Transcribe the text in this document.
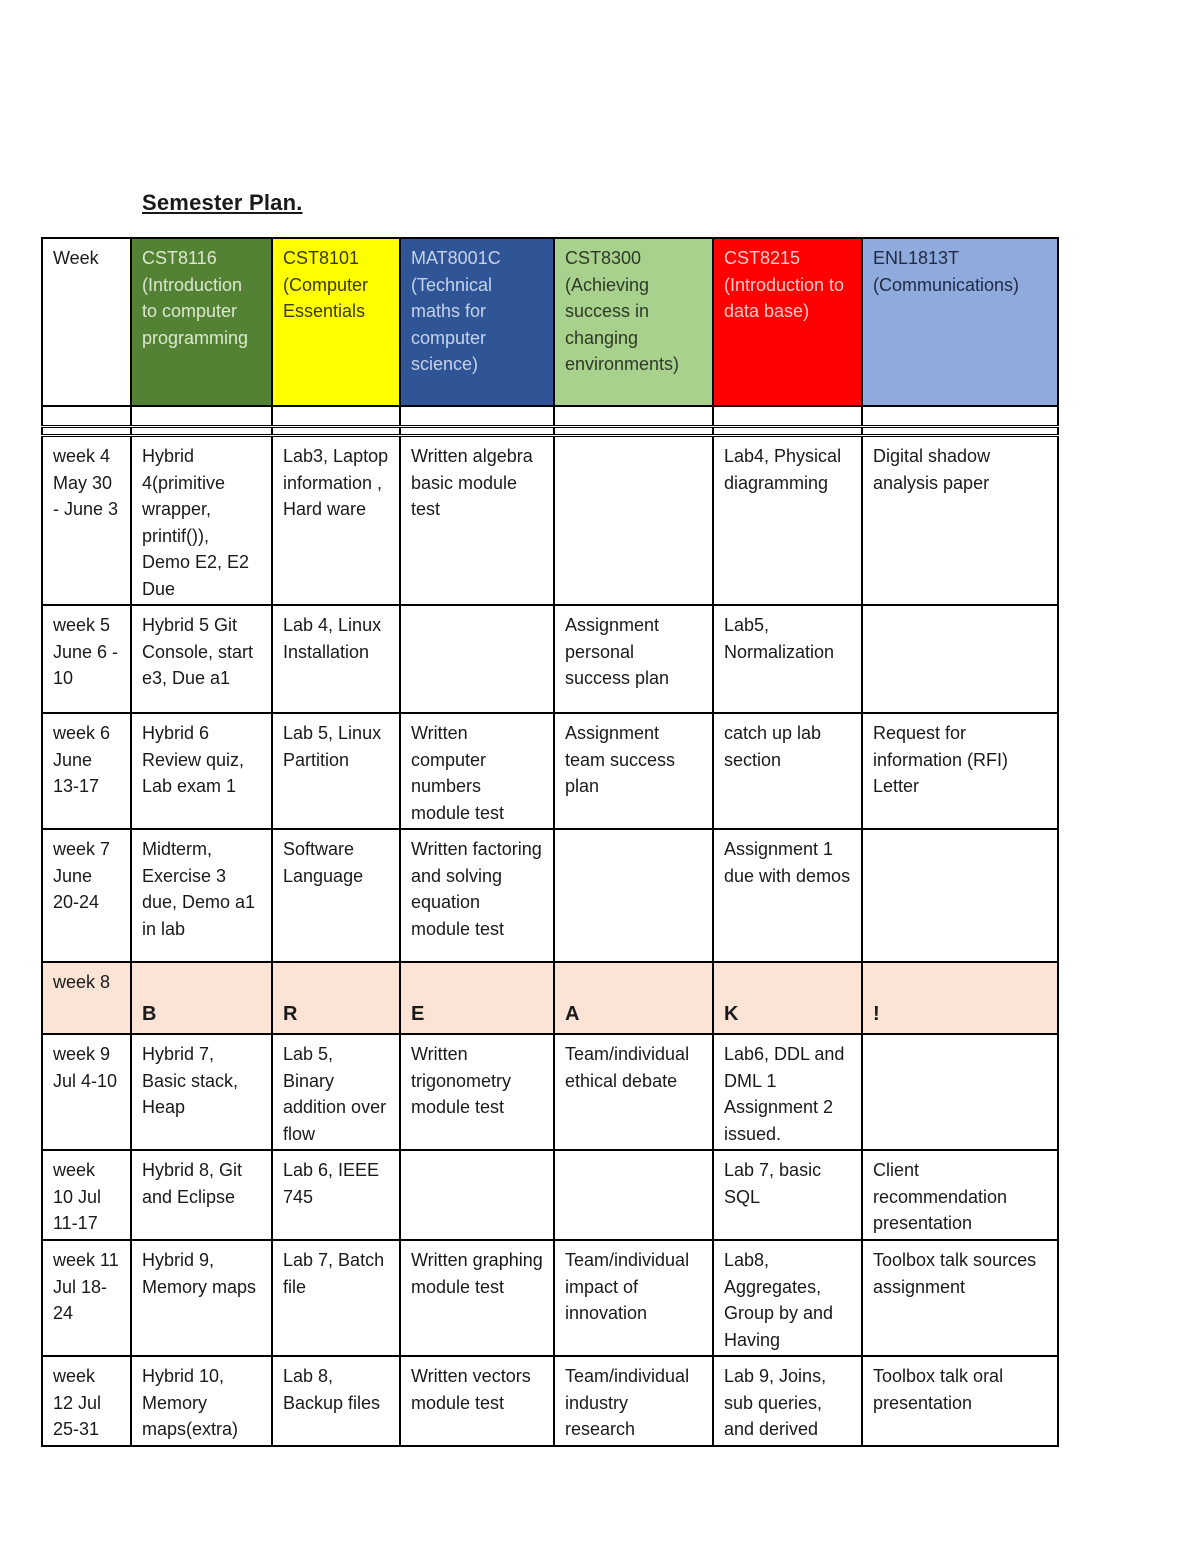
Semester Plan.
Week	CST8116 (Introduction to computer programming	CST8101 (Computer Essentials	MAT8001C (Technical maths for computer science)	CST8300 (Achieving success in changing environments)	CST8215 (Introduction to data base)	ENL1813T (Communications)

week 4 May 30 - June 3	Hybrid 4(primitive wrapper, printif()), Demo E2, E2 Due	Lab3, Laptop information , Hard ware	Written algebra basic module test		Lab4, Physical diagramming	Digital shadow analysis paper
week 5 June 6 - 10	Hybrid 5 Git Console, start e3, Due a1	Lab 4, Linux Installation		Assignment personal success plan	Lab5, Normalization	
week 6 June 13-17	Hybrid 6 Review quiz, Lab exam 1	Lab 5, Linux Partition	Written computer numbers module test	Assignment team success plan	catch up lab section	Request for information (RFI) Letter
week 7 June 20-24	Midterm, Exercise 3 due, Demo a1 in lab	Software Language	Written factoring and solving equation module test		Assignment 1 due with demos	
week 8	B	R	E	A	K	!

week 9 Jul 4-10	Hybrid 7, Basic stack, Heap	Lab 5, Binary addition over flow	Written trigonometry module test	Team/individual ethical debate	Lab6, DDL and DML 1 Assignment 2 issued.	
week 10 Jul 11-17	Hybrid 8, Git and Eclipse	Lab 6, IEEE 745			Lab 7, basic SQL	Client recommendation presentation
week 11 Jul 18-24	Hybrid 9, Memory maps	Lab 7, Batch file	Written graphing module test	Team/individual impact of innovation	Lab8, Aggregates, Group by and Having	Toolbox talk sources assignment
week 12 Jul 25-31	Hybrid 10, Memory maps(extra)	Lab 8, Backup files	Written vectors module test	Team/individual industry research	Lab 9, Joins, sub queries, and derived	Toolbox talk oral presentation
